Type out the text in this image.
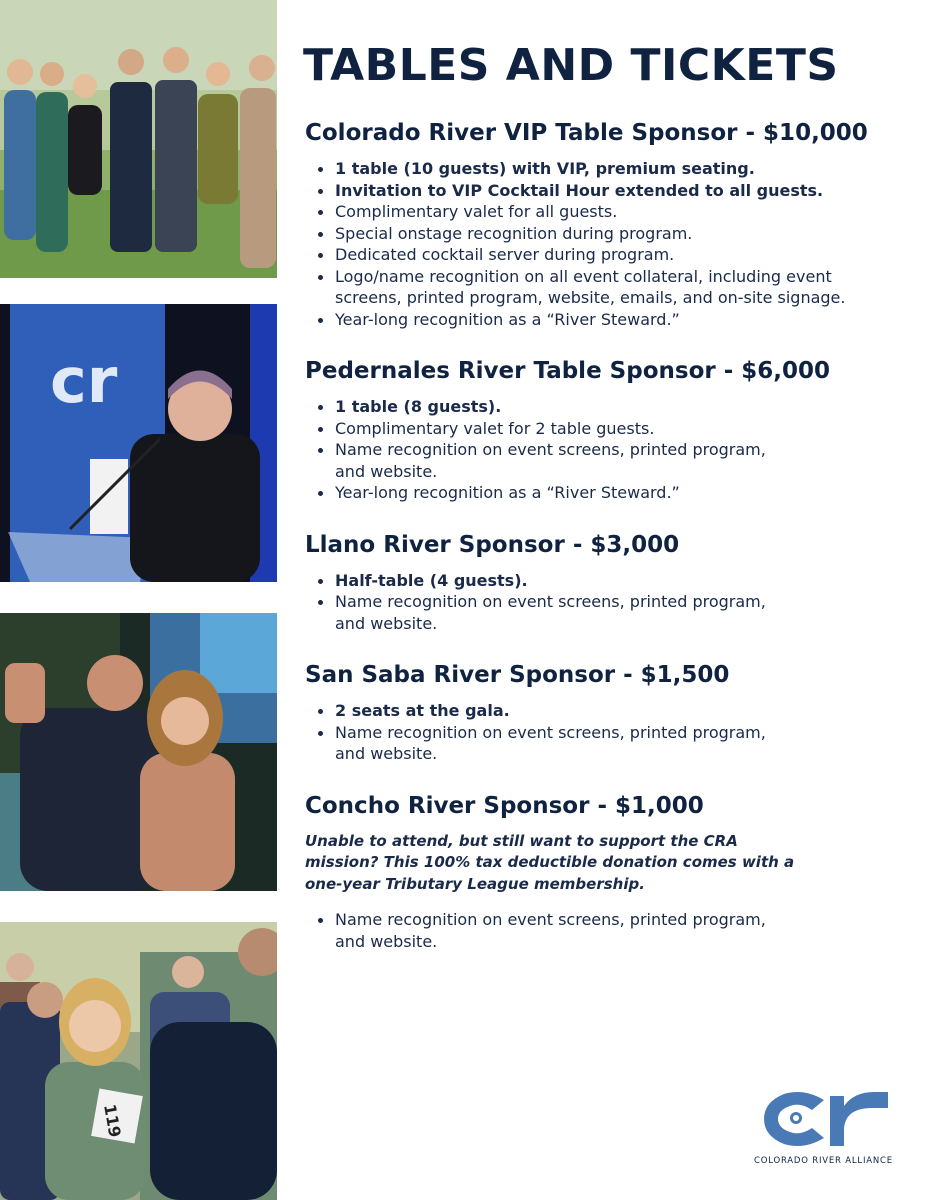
cr
119
TABLES AND TICKETS
Colorado River VIP Table Sponsor - $10,000
1 table (10 guests) with VIP, premium seating.
Invitation to VIP Cocktail Hour extended to all guests.
Complimentary valet for all guests.
Special onstage recognition during program.
Dedicated cocktail server during program.
Logo/name recognition on all event collateral, including event screens, printed program, website, emails, and on-site signage.
Year-long recognition as a “River Steward.”
Pedernales River Table Sponsor - $6,000
1 table (8 guests).
Complimentary valet for 2 table guests.
Name recognition on event screens, printed program, and website.
Year-long recognition as a “River Steward.”
Llano River Sponsor - $3,000
Half-table (4 guests).
Name recognition on event screens, printed program, and website.
San Saba River Sponsor - $1,500
2 seats at the gala.
Name recognition on event screens, printed program, and website.
Concho River Sponsor - $1,000

Unable to attend, but still want to support the CRA mission? This 100% tax deductible donation comes with a one-year Tributary League membership.

Name recognition on event screens, printed program, and website.
COLORADO RIVER ALLIANCE
